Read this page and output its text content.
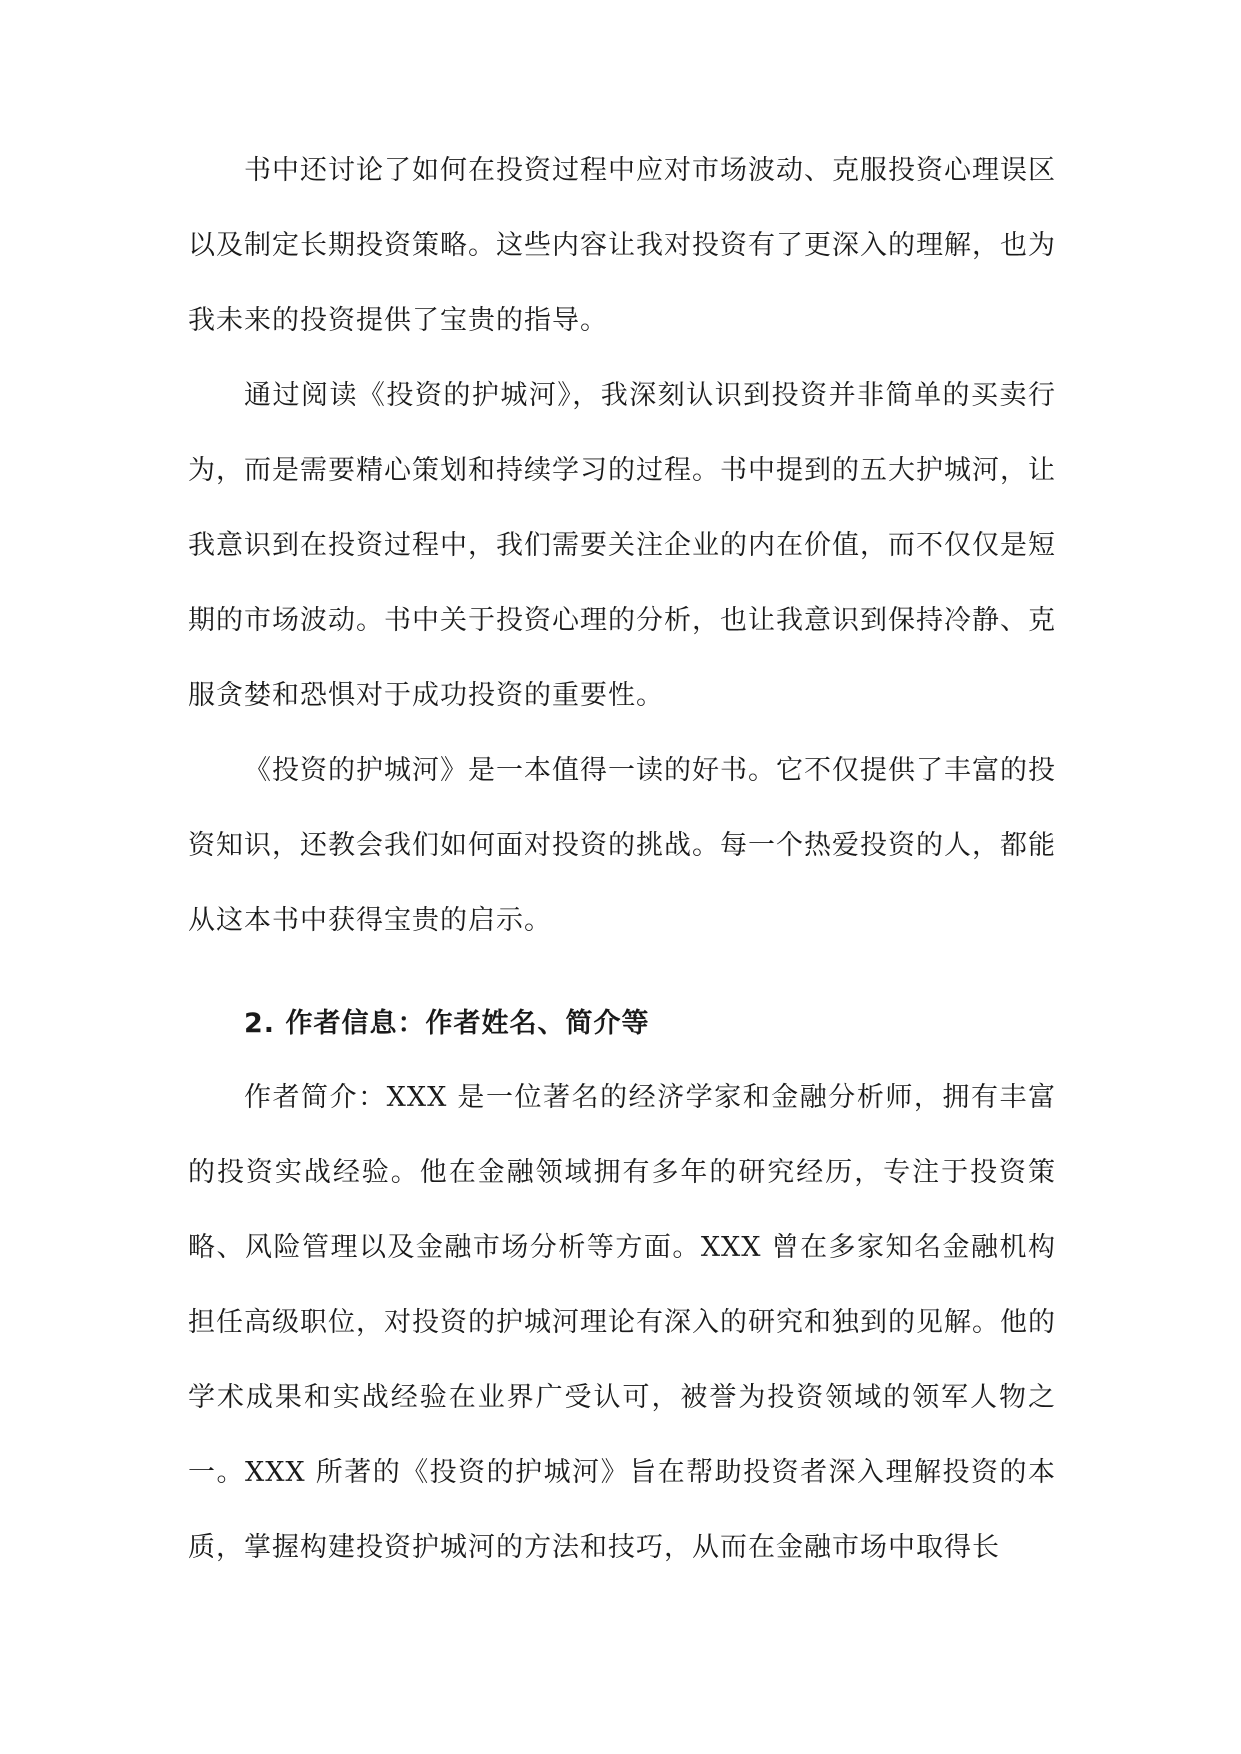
书中还讨论了如何在投资过程中应对市场波动、克服投资心理误区以及制定长期投资策略。这些内容让我对投资有了更深入的理解，也为我未来的投资提供了宝贵的指导。

通过阅读《投资的护城河》，我深刻认识到投资并非简单的买卖行为，而是需要精心策划和持续学习的过程。书中提到的五大护城河，让我意识到在投资过程中，我们需要关注企业的内在价值，而不仅仅是短期的市场波动。书中关于投资心理的分析，也让我意识到保持冷静、克服贪婪和恐惧对于成功投资的重要性。

《投资的护城河》是一本值得一读的好书。它不仅提供了丰富的投资知识，还教会我们如何面对投资的挑战。每一个热爱投资的人，都能从这本书中获得宝贵的启示。

2. 作者信息：作者姓名、简介等

作者简介：XXX 是一位著名的经济学家和金融分析师，拥有丰富的投资实战经验。他在金融领域拥有多年的研究经历，专注于投资策略、风险管理以及金融市场分析等方面。XXX 曾在多家知名金融机构担任高级职位，对投资的护城河理论有深入的研究和独到的见解。他的学术成果和实战经验在业界广受认可，被誉为投资领域的领军人物之一。XXX 所著的《投资的护城河》旨在帮助投资者深入理解投资的本质，掌握构建投资护城河的方法和技巧，从而在金融市场中取得长
